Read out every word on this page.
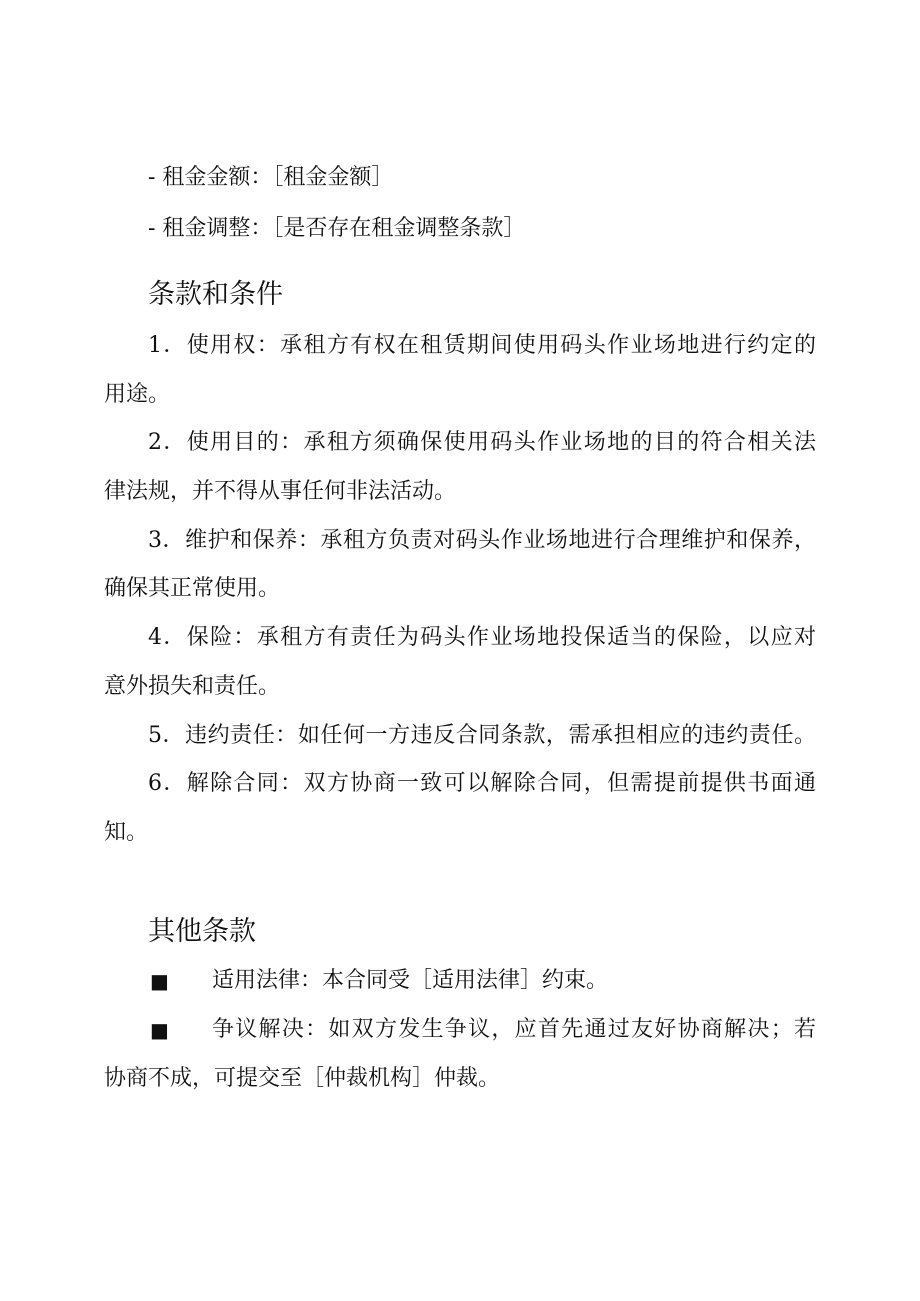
- 租金金额：［租金金额］
- 租金调整：［是否存在租金调整条款］
条款和条件
1．使用权：承租方有权在租赁期间使用码头作业场地进行约定的
用途。
2．使用目的：承租方须确保使用码头作业场地的目的符合相关法
律法规，并不得从事任何非法活动。
3．维护和保养：承租方负责对码头作业场地进行合理维护和保养，
确保其正常使用。
4．保险：承租方有责任为码头作业场地投保适当的保险，以应对
意外损失和责任。
5．违约责任：如任何一方违反合同条款，需承担相应的违约责任。
6．解除合同：双方协商一致可以解除合同，但需提前提供书面通
知。
其他条款
■ 适用法律：本合同受［适用法律］约束。
■ 争议解决：如双方发生争议，应首先通过友好协商解决；若
协商不成，可提交至［仲裁机构］仲裁。
